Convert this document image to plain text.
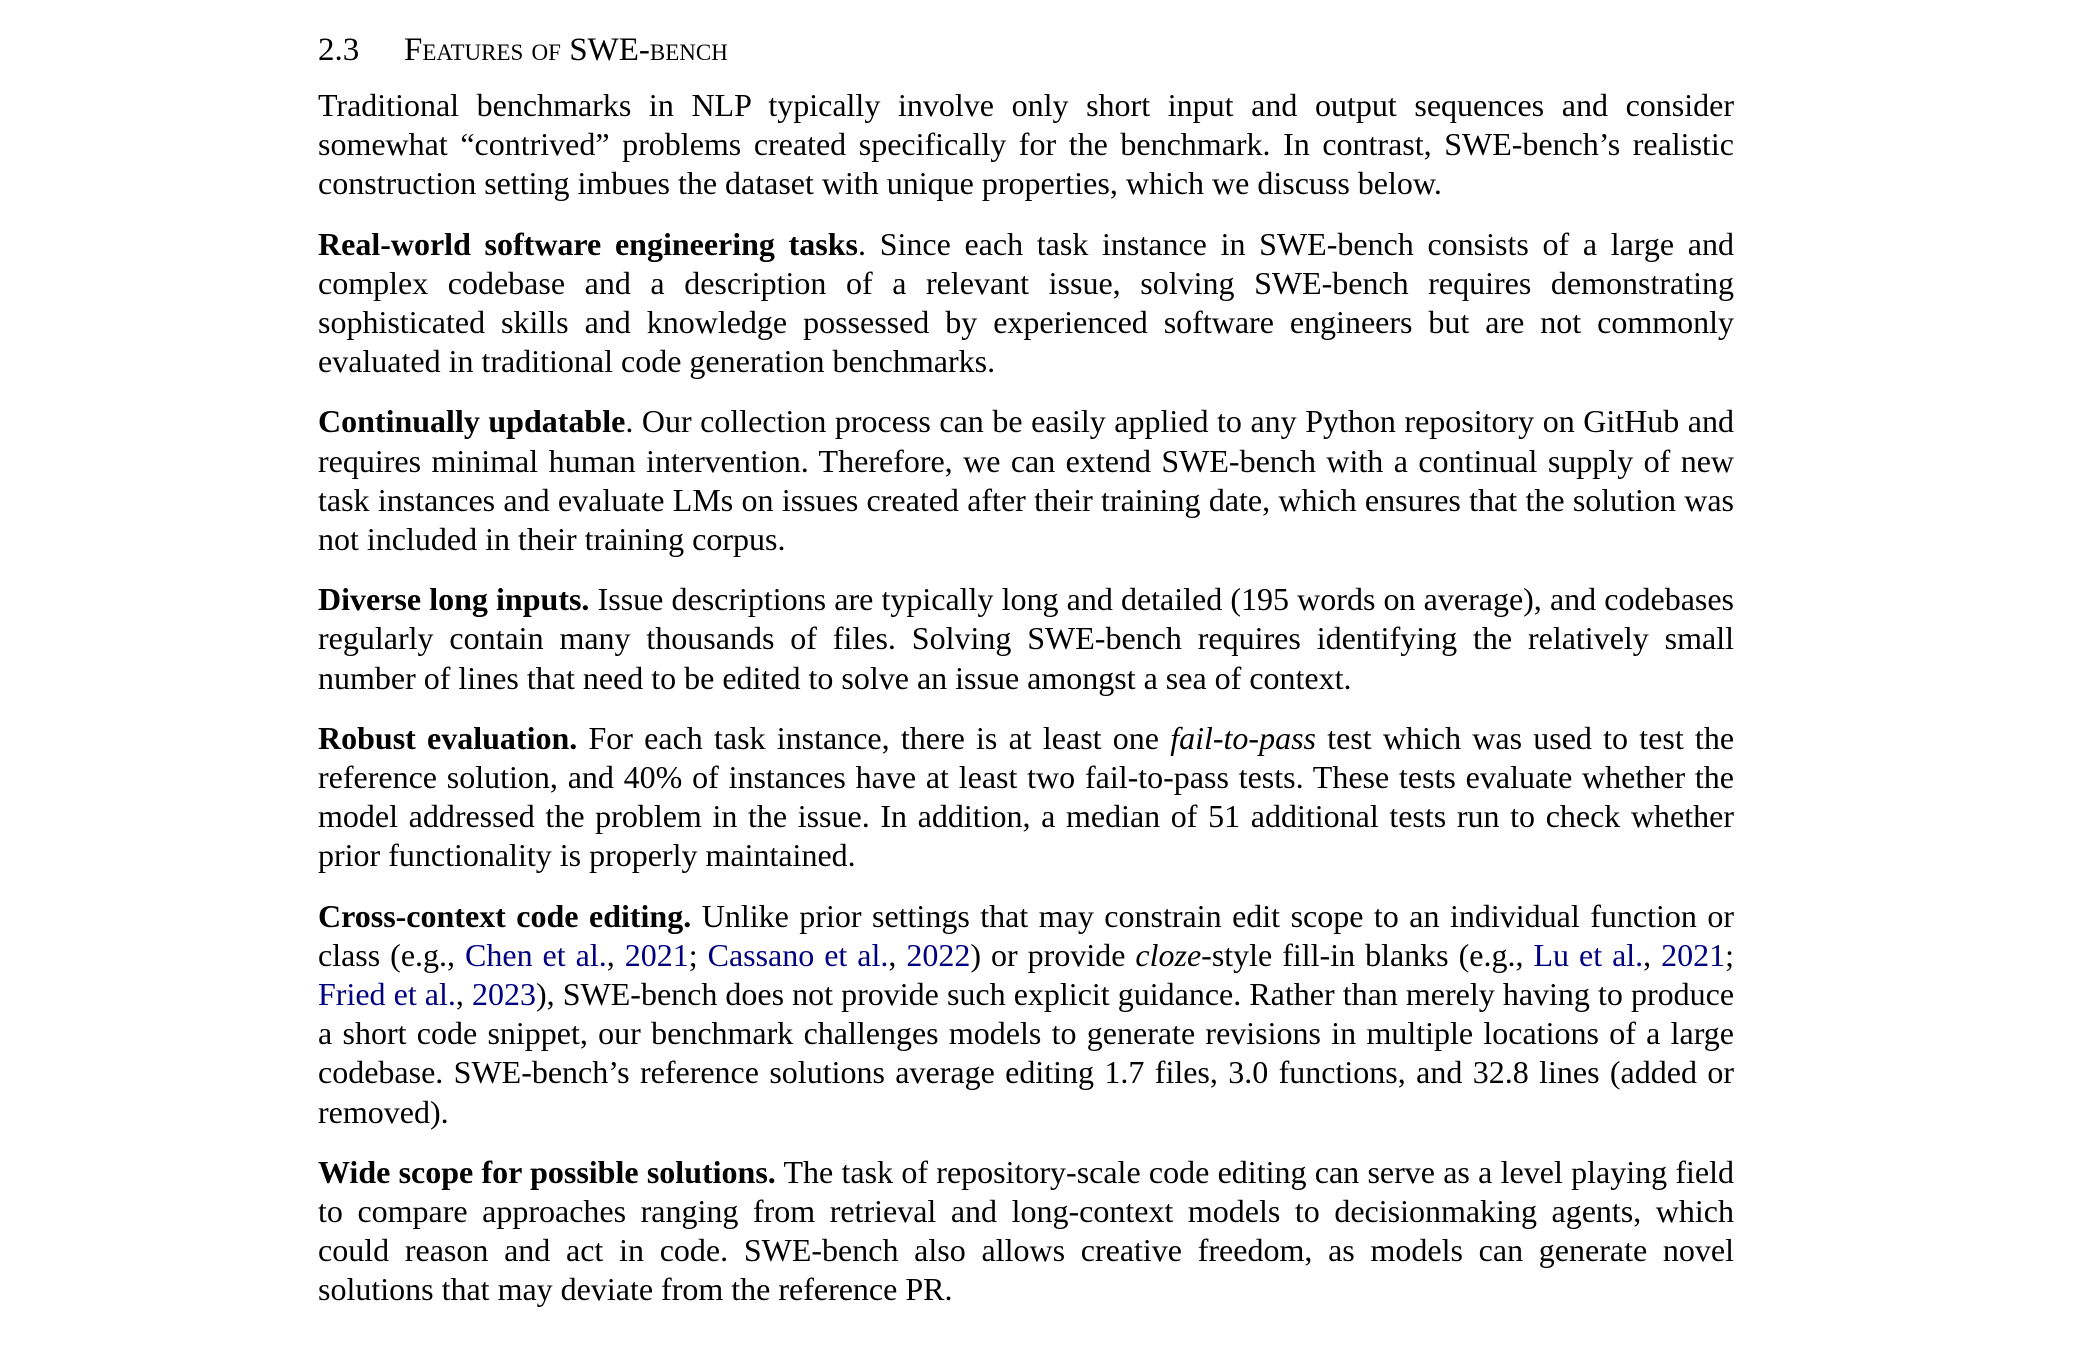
2.3 Features of SWE-bench

Traditional benchmarks in NLP typically involve only short input and output sequences and consider somewhat “contrived” problems created specifically for the benchmark. In contrast, SWE-bench’s realistic construction setting imbues the dataset with unique properties, which we discuss below.

Real-world software engineering tasks. Since each task instance in SWE-bench consists of a large and complex codebase and a description of a relevant issue, solving SWE-bench requires demonstrating sophisticated skills and knowledge possessed by experienced software engineers but are not commonly evaluated in traditional code generation benchmarks.

Continually updatable. Our collection process can be easily applied to any Python repository on GitHub and requires minimal human intervention. Therefore, we can extend SWE-bench with a continual supply of new task instances and evaluate LMs on issues created after their training date, which ensures that the solution was not included in their training corpus.

Diverse long inputs. Issue descriptions are typically long and detailed (195 words on average), and codebases regularly contain many thousands of files. Solving SWE-bench requires identifying the relatively small number of lines that need to be edited to solve an issue amongst a sea of context.

Robust evaluation. For each task instance, there is at least one fail-to-pass test which was used to test the reference solution, and 40% of instances have at least two fail-to-pass tests. These tests evaluate whether the model addressed the problem in the issue. In addition, a median of 51 additional tests run to check whether prior functionality is properly maintained.

Cross-context code editing. Unlike prior settings that may constrain edit scope to an individual function or class (e.g., Chen et al., 2021; Cassano et al., 2022) or provide cloze-style fill-in blanks (e.g., Lu et al., 2021; Fried et al., 2023), SWE-bench does not provide such explicit guidance. Rather than merely having to produce a short code snippet, our benchmark challenges models to generate revisions in multiple locations of a large codebase. SWE-bench’s reference solutions average editing 1.7 files, 3.0 functions, and 32.8 lines (added or removed).

Wide scope for possible solutions. The task of repository-scale code editing can serve as a level playing field to compare approaches ranging from retrieval and long-context models to decisionmaking agents, which could reason and act in code. SWE-bench also allows creative freedom, as models can generate novel solutions that may deviate from the reference PR.
